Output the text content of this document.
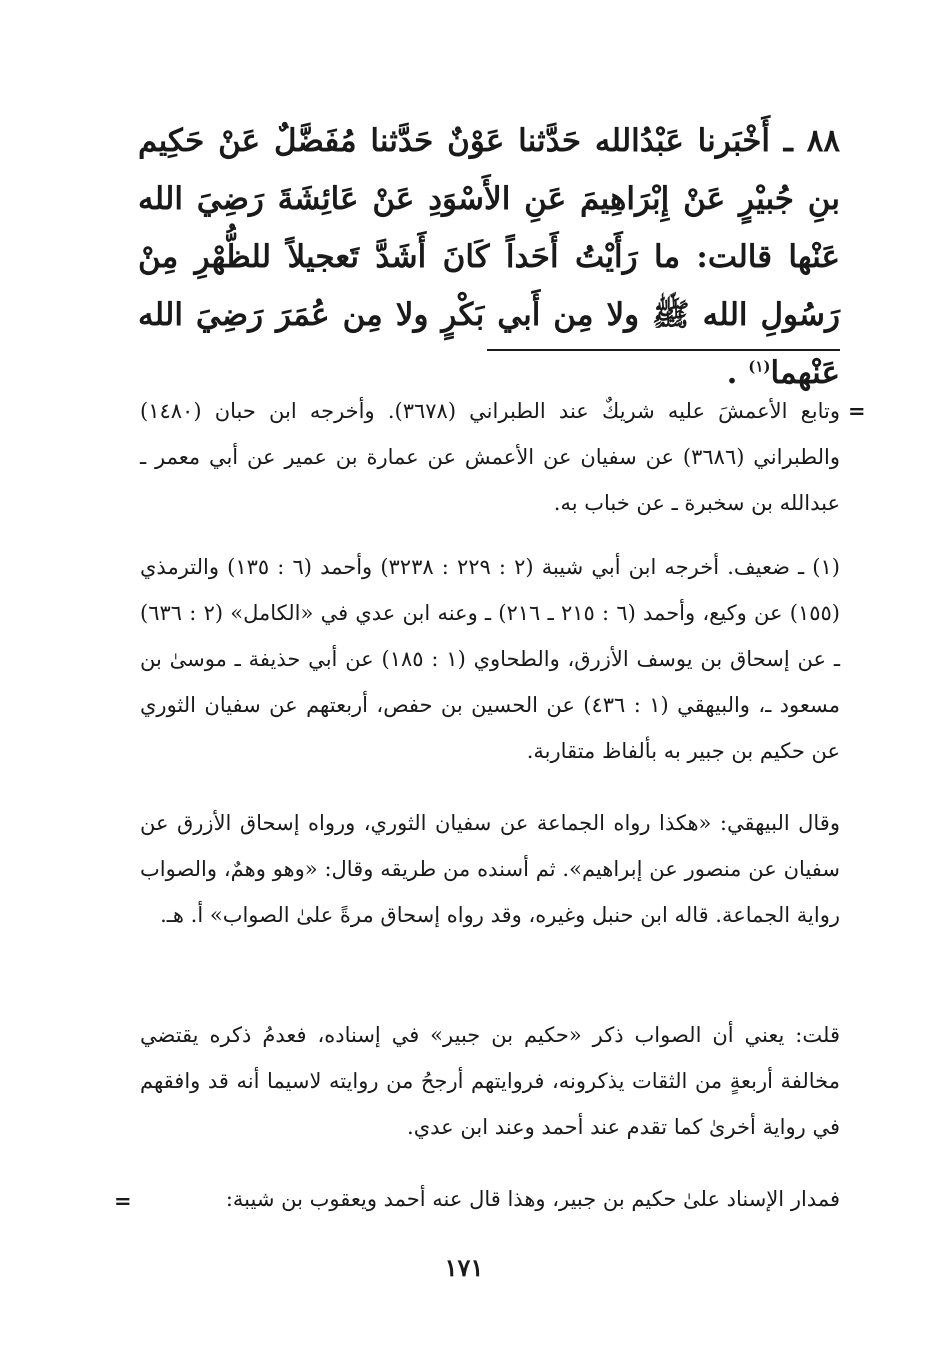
٨٨ ـ أَخْبَرنا عَبْدُالله حَدَّثنا عَوْنٌ حَدَّثنا مُفَضَّلٌ عَنْ حَكِيم بنِ جُبيْرٍ عَنْ إِبْرَاهِيمَ عَنِ الأَسْوَدِ عَنْ عَائِشَةَ رَضِيَ الله عَنْها قالت: ما رَأَيْتُ أَحَداً كَانَ أَشَدَّ تَعجيلاً للظُّهْرِ مِنْ رَسُولِ الله ﷺ ولا مِن أَبي بَكْرٍ ولا مِن عُمَرَ رَضِيَ الله عَنْهما$^{(١)}$ .

=

وتابع الأعمشَ عليه شريكٌ عند الطبراني (٣٦٧٨). وأخرجه ابن حبان (١٤٨٠) والطبراني (٣٦٨٦) عن سفيان عن الأعمش عن عمارة بن عمير عن أبي معمر ـ عبدالله بن سخبرة ـ عن خباب به.

(١) ـ ضعيف. أخرجه ابن أبي شيبة (٢ : ٢٢٩ : ٣٢٣٨) وأحمد (٦ : ١٣٥) والترمذي (١٥٥) عن وكيع، وأحمد (٦ : ٢١٥ ـ ٢١٦) ـ وعنه ابن عدي في «الكامل» (٢ : ٦٣٦) ـ عن إسحاق بن يوسف الأزرق، والطحاوي (١ : ١٨٥) عن أبي حذيفة ـ موسىٰ بن مسعود ـ، والبيهقي (١ : ٤٣٦) عن الحسين بن حفص، أربعتهم عن سفيان الثوري عن حكيم بن جبير به بألفاظ متقاربة.

وقال البيهقي: «هكذا رواه الجماعة عن سفيان الثوري، ورواه إسحاق الأزرق عن سفيان عن منصور عن إبراهيم». ثم أسنده من طريقه وقال: «وهو وهمٌ، والصواب رواية الجماعة. قاله ابن حنبل وغيره، وقد رواه إسحاق مرةً علىٰ الصواب» أ. هـ.

قلت: يعني أن الصواب ذكر «حكيم بن جبير» في إسناده، فعدمُ ذكره يقتضي مخالفة أربعةٍ من الثقات يذكرونه، فروايتهم أرجحُ من روايته لاسيما أنه قد وافقهم في رواية أخرىٰ كما تقدم عند أحمد وعند ابن عدي.

فمدار الإسناد علىٰ حكيم بن جبير، وهذا قال عنه أحمد ويعقوب بن شيبة:

=

١٧١
